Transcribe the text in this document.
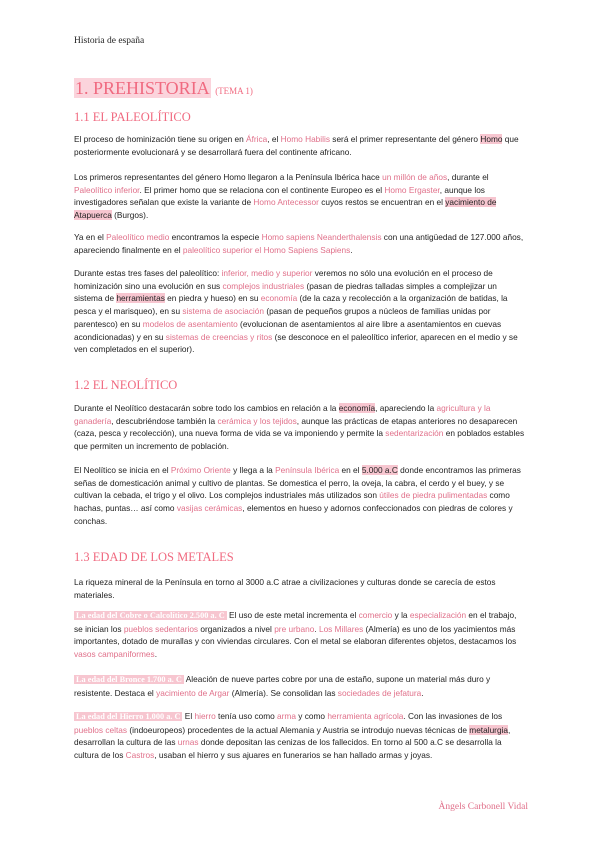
Historia de españa
1. PREHISTORIA (TEMA 1)
1.1 EL PALEOLÍTICO
El proceso de hominización tiene su origen en África, el Homo Habilis será el primer representante del género Homo que posteriormente evolucionará y se desarrollará fuera del continente africano.
Los primeros representantes del género Homo llegaron a la Península Ibérica hace un millón de años, durante el Paleolítico inferior. El primer homo que se relaciona con el continente Europeo es el Homo Ergaster, aunque los investigadores señalan que existe la variante de Homo Antecessor cuyos restos se encuentran en el yacimiento de Atapuerca (Burgos).
Ya en el Paleolítico medio encontramos la especie Homo sapiens Neanderthalensis con una antigüedad de 127.000 años, apareciendo finalmente en el paleolítico superior el Homo Sapiens Sapiens.
Durante estas tres fases del paleolítico: inferior, medio y superior veremos no sólo una evolución en el proceso de hominización sino una evolución en sus complejos industriales (pasan de piedras talladas simples a complejizar un sistema de herramientas en piedra y hueso) en su economía (de la caza y recolección a la organización de batidas, la pesca y el marisqueo), en su sistema de asociación (pasan de pequeños grupos a núcleos de familias unidas por parentesco) en su modelos de asentamiento (evolucionan de asentamientos al aire libre a asentamientos en cuevas acondicionadas) y en su sistemas de creencias y ritos (se desconoce en el paleolítico inferior, aparecen en el medio y se ven completados en el superior).
1.2 EL NEOLÍTICO
Durante el Neolítico destacarán sobre todo los cambios en relación a la economía, apareciendo la agricultura y la ganadería, descubriéndose también la cerámica y los tejidos, aunque las prácticas de etapas anteriores no desaparecen (caza, pesca y recolección), una nueva forma de vida se va imponiendo y permite la sedentarización en poblados estables que permiten un incremento de población.
El Neolítico se inicia en el Próximo Oriente y llega a la Península Ibérica en el 5.000 a.C donde encontramos las primeras señas de domesticación animal y cultivo de plantas. Se domestica el perro, la oveja, la cabra, el cerdo y el buey, y se cultivan la cebada, el trigo y el olivo. Los complejos industriales más utilizados son útiles de piedra pulimentadas como hachas, puntas… así como vasijas cerámicas, elementos en hueso y adornos confeccionados con piedras de colores y conchas.
1.3 EDAD DE LOS METALES
La riqueza mineral de la Península en torno al 3000 a.C atrae a civilizaciones y culturas donde se carecía de estos materiales.
La edad del Cobre o Calcolítico 2.500 a. C El uso de este metal incrementa el comercio y la especialización en el trabajo, se inician los pueblos sedentarios organizados a nivel pre urbano. Los Millares (Almería) es uno de los yacimientos más importantes, dotado de murallas y con viviendas circulares. Con el metal se elaboran diferentes objetos, destacamos los vasos campaniformes.
La edad del Bronce 1.700 a. C Aleación de nueve partes cobre por una de estaño, supone un material más duro y resistente. Destaca el yacimiento de Argar (Almería). Se consolidan las sociedades de jefatura.
La edad del Hierro 1.000 a. C El hierro tenía uso como arma y como herramienta agrícola. Con las invasiones de los pueblos celtas (indoeuropeos) procedentes de la actual Alemania y Austria se introdujo nuevas técnicas de metalurgia, desarrollan la cultura de las urnas donde depositan las cenizas de los fallecidos. En torno al 500 a.C se desarrolla la cultura de los Castros, usaban el hierro y sus ajuares en funerarios se han hallado armas y joyas.
Àngels Carbonell Vidal
